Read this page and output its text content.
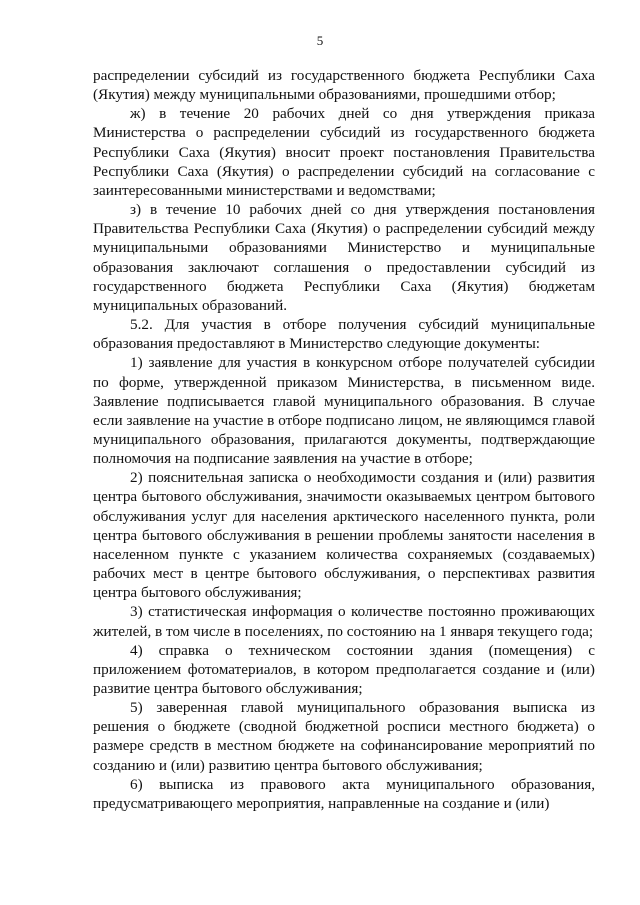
5

распределении субсидий из государственного бюджета Республики Саха (Якутия) между муниципальными образованиями, прошедшими отбор;

ж) в течение 20 рабочих дней со дня утверждения приказа Министерства о распределении субсидий из государственного бюджета Республики Саха (Якутия) вносит проект постановления Правительства Республики Саха (Якутия) о распределении субсидий на согласование с заинтересованными министерствами и ведомствами;

з) в течение 10 рабочих дней со дня утверждения постановления Правительства Республики Саха (Якутия) о распределении субсидий между муниципальными образованиями Министерство и муниципальные образования заключают соглашения о предоставлении субсидий из государственного бюджета Республики Саха (Якутия) бюджетам муниципальных образований.

5.2. Для участия в отборе получения субсидий муниципальные образования предоставляют в Министерство следующие документы:

1) заявление для участия в конкурсном отборе получателей субсидии по форме, утвержденной приказом Министерства, в письменном виде. Заявление подписывается главой муниципального образования. В случае если заявление на участие в отборе подписано лицом, не являющимся главой муниципального образования, прилагаются документы, подтверждающие полномочия на подписание заявления на участие в отборе;

2) пояснительная записка о необходимости создания и (или) развития центра бытового обслуживания, значимости оказываемых центром бытового обслуживания услуг для населения арктического населенного пункта, роли центра бытового обслуживания в решении проблемы занятости населения в населенном пункте с указанием количества сохраняемых (создаваемых) рабочих мест в центре бытового обслуживания, о перспективах развития центра бытового обслуживания;

3) статистическая информация о количестве постоянно проживающих жителей, в том числе в поселениях, по состоянию на 1 января текущего года;

4) справка о техническом состоянии здания (помещения) с приложением фотоматериалов, в котором предполагается создание и (или) развитие центра бытового обслуживания;

5) заверенная главой муниципального образования выписка из решения о бюджете (сводной бюджетной росписи местного бюджета) о размере средств в местном бюджете на софинансирование мероприятий по созданию и (или) развитию центра бытового обслуживания;

6) выписка из правового акта муниципального образования, предусматривающего мероприятия, направленные на создание и (или)
